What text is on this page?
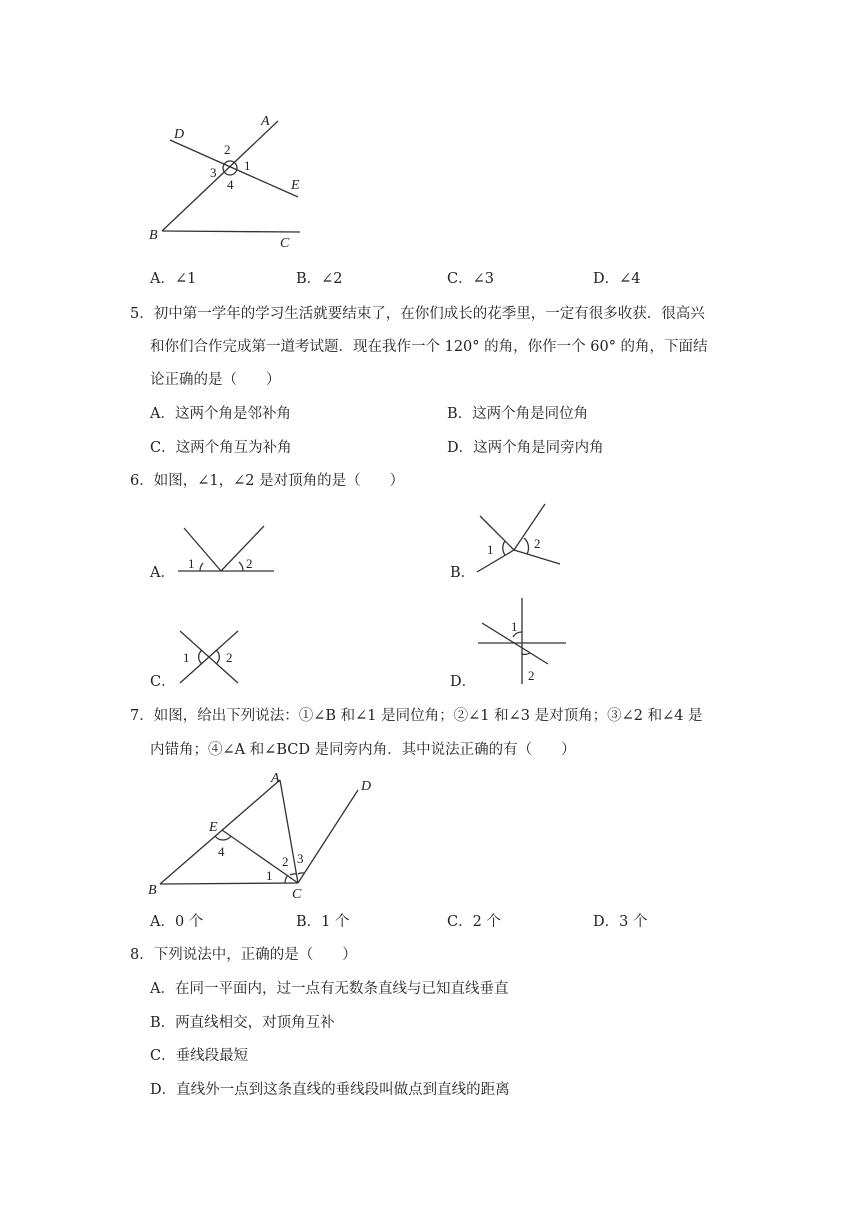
D
A
E
B
C
2
1
3
4
A．∠1	B．∠2	C．∠3	D．∠4
5．初中第一学年的学习生活就要结束了，在你们成长的花季里，一定有很多收获．很高兴
和你们合作完成第一道考试题．现在我作一个 120° 的角，你作一个 60° 的角，下面结
论正确的是（　　）
A．这两个角是邻补角	B．这两个角是同位角
C．这两个角互为补角	D．这两个角是同旁内角
6．如图，∠1，∠2 是对顶角的是（　　）
A．
1	2
B．
1	2
C．
1	2
D．
1
2
7．如图，给出下列说法：①∠B 和∠1 是同位角；②∠1 和∠3 是对顶角；③∠2 和∠4 是
内错角；④∠A 和∠BCD 是同旁内角．其中说法正确的有（　　）
A
D
E
B	C
4
1
2 3
A．0 个	B．1 个	C．2 个	D．3 个
8．下列说法中，正确的是（　　）
A．在同一平面内，过一点有无数条直线与已知直线垂直
B．两直线相交，对顶角互补
C．垂线段最短
D．直线外一点到这条直线的垂线段叫做点到直线的距离
